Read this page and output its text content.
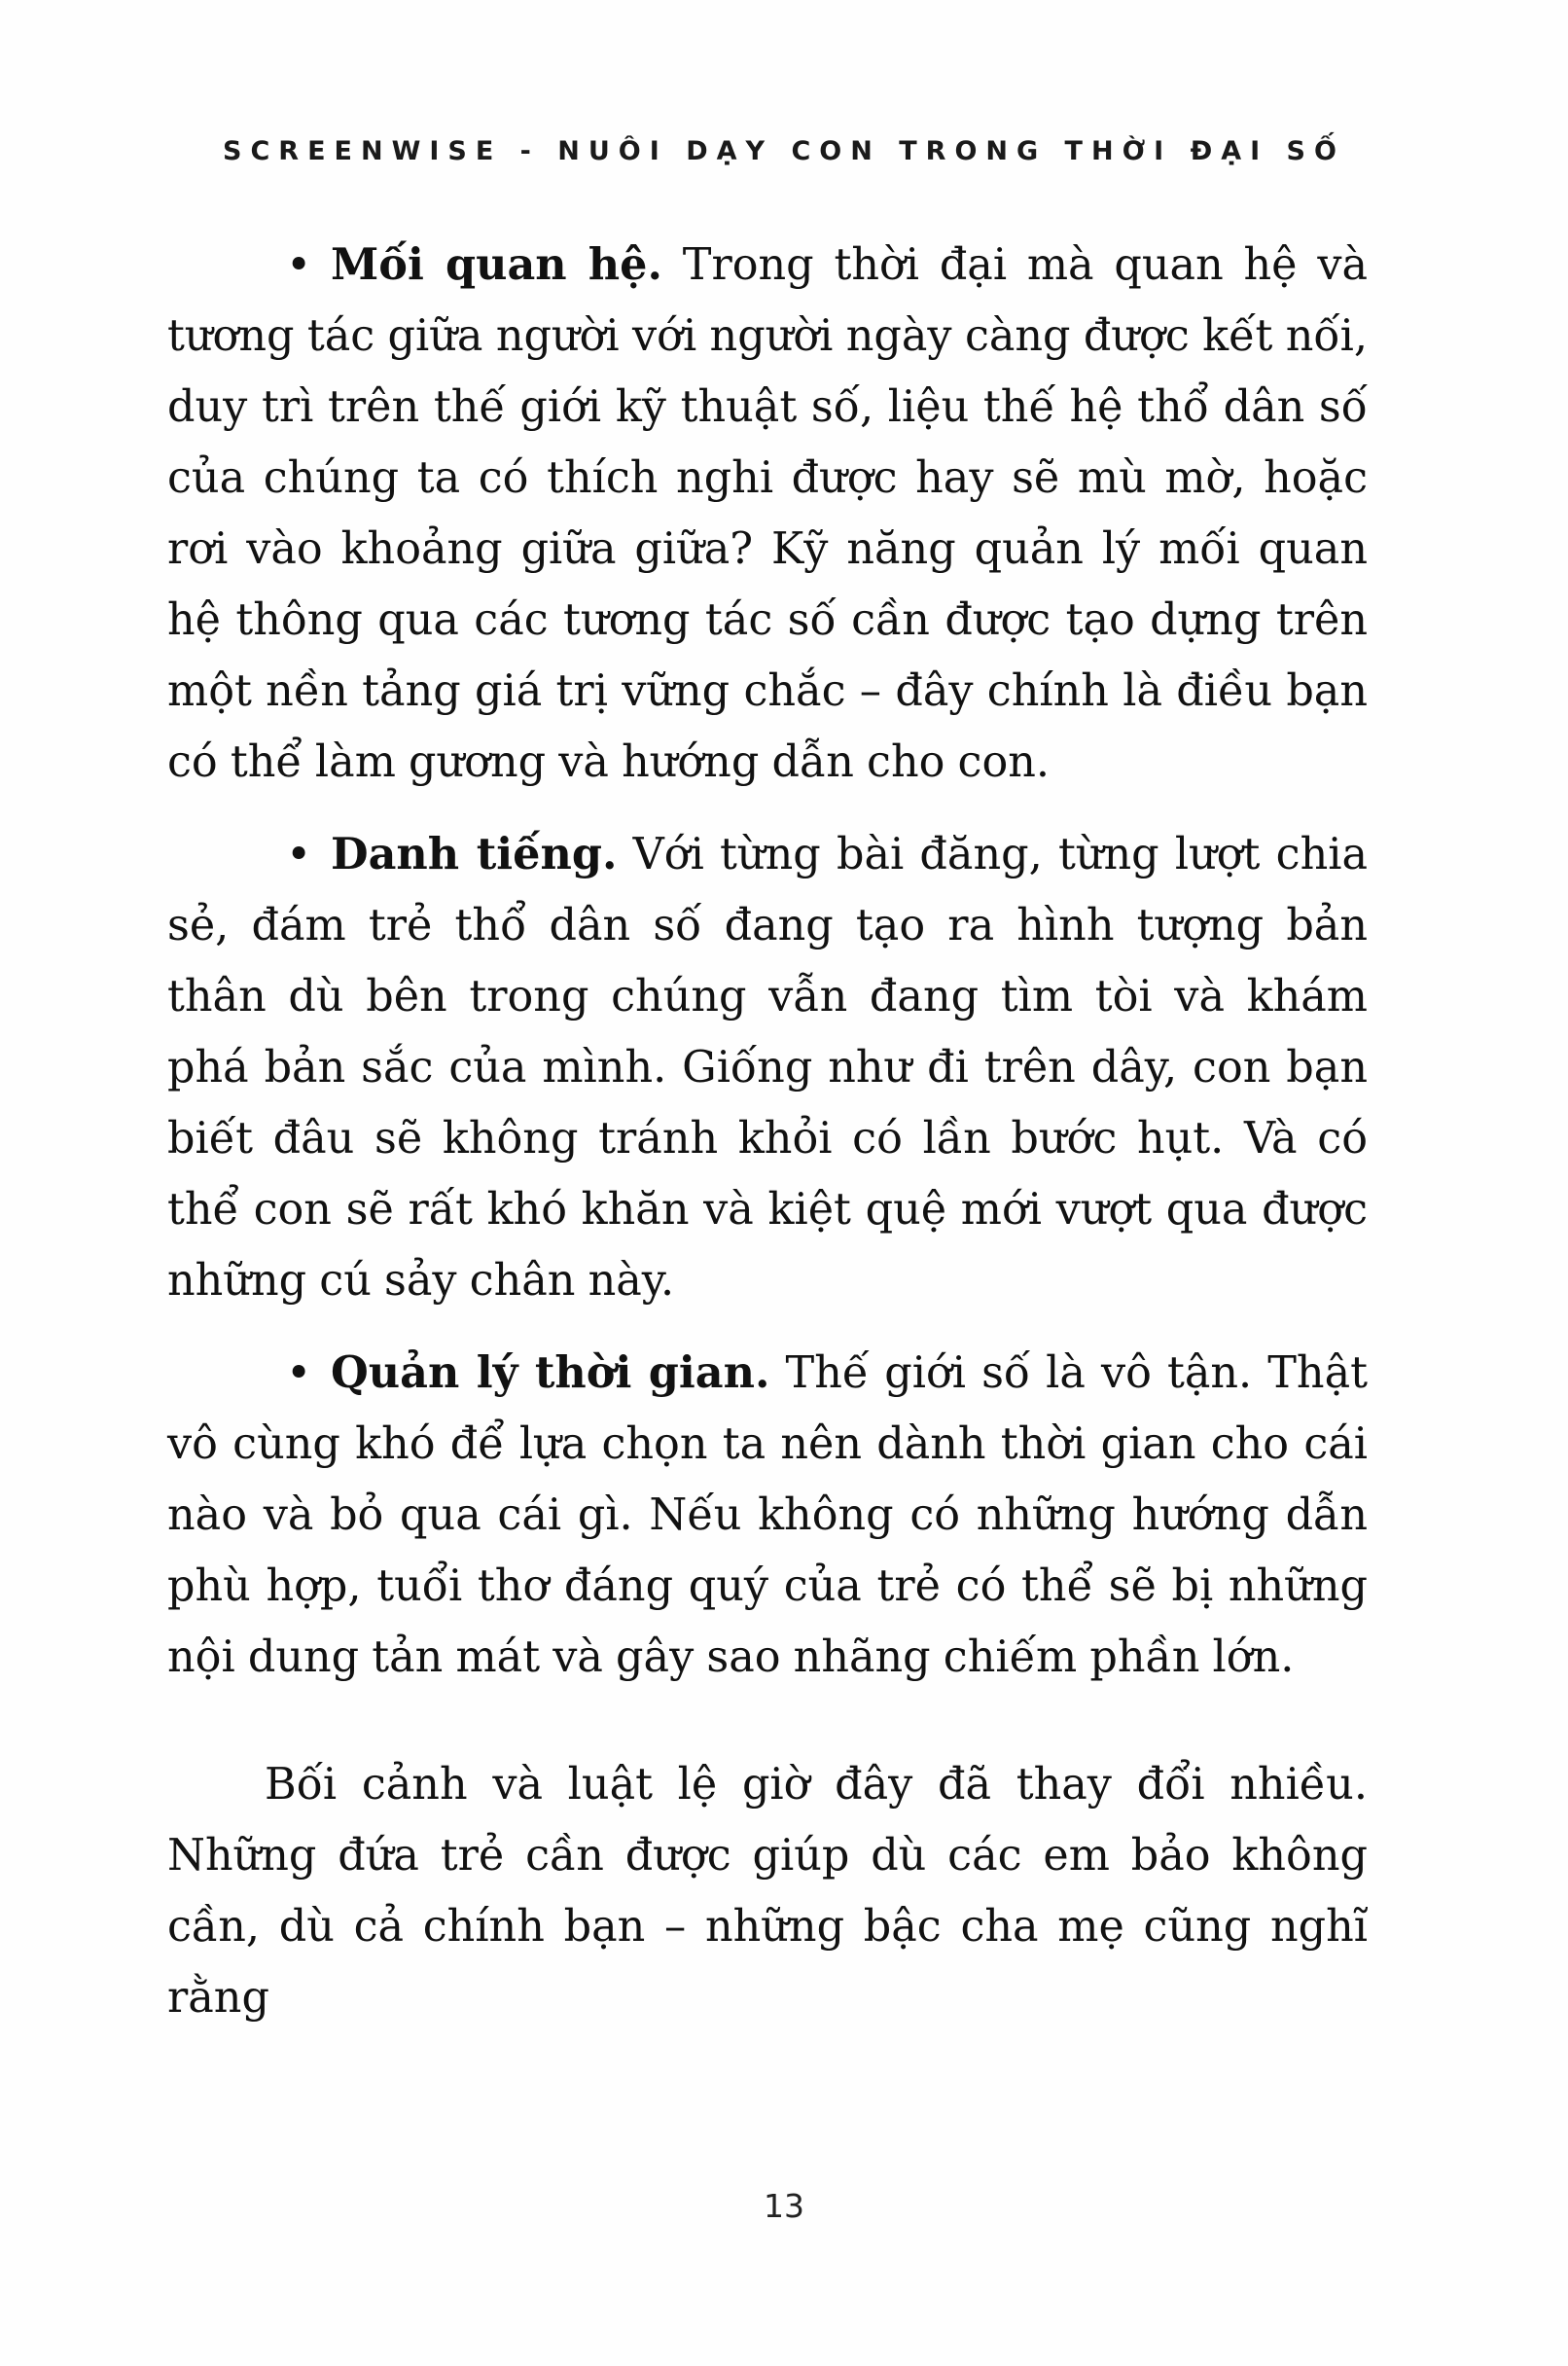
SCREENWISE - NUÔI DẠY CON TRONG THỜI ĐẠI SỐ

• Mối quan hệ. Trong thời đại mà quan hệ và tương tác giữa người với người ngày càng được kết nối, duy trì trên thế giới kỹ thuật số, liệu thế hệ thổ dân số của chúng ta có thích nghi được hay sẽ mù mờ, hoặc rơi vào khoảng giữa giữa? Kỹ năng quản lý mối quan hệ thông qua các tương tác số cần được tạo dựng trên một nền tảng giá trị vững chắc – đây chính là điều bạn có thể làm gương và hướng dẫn cho con.

• Danh tiếng. Với từng bài đăng, từng lượt chia sẻ, đám trẻ thổ dân số đang tạo ra hình tượng bản thân dù bên trong chúng vẫn đang tìm tòi và khám phá bản sắc của mình. Giống như đi trên dây, con bạn biết đâu sẽ không tránh khỏi có lần bước hụt. Và có thể con sẽ rất khó khăn và kiệt quệ mới vượt qua được những cú sảy chân này.

• Quản lý thời gian. Thế giới số là vô tận. Thật vô cùng khó để lựa chọn ta nên dành thời gian cho cái nào và bỏ qua cái gì. Nếu không có những hướng dẫn phù hợp, tuổi thơ đáng quý của trẻ có thể sẽ bị những nội dung tản mát và gây sao nhãng chiếm phần lớn.

Bối cảnh và luật lệ giờ đây đã thay đổi nhiều. Những đứa trẻ cần được giúp dù các em bảo không cần, dù cả chính bạn – những bậc cha mẹ cũng nghĩ rằng

13
